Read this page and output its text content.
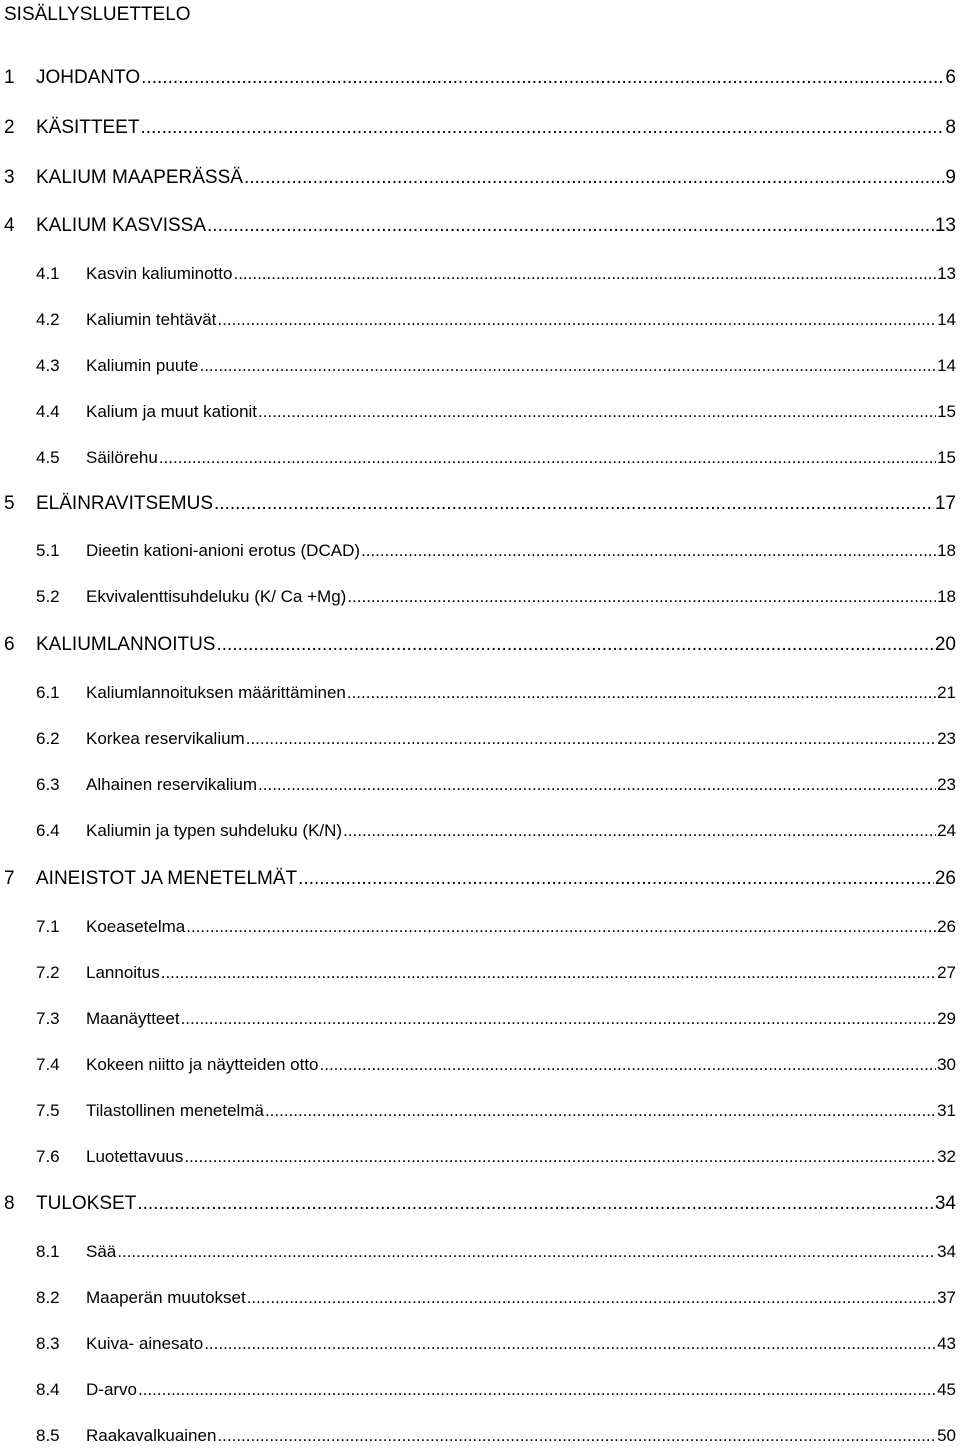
SISÄLLYSLUETTELO
1	JOHDANTO .....	6
2	KÄSITTEET .....	8
3	KALIUM MAAPERÄSSÄ .....	9
4	KALIUM KASVISSA .....	13
4.1	Kasvin kaliuminotto .....	13
4.2	Kaliumin tehtävät .....	14
4.3	Kaliumin puute .....	14
4.4	Kalium ja muut kationit .....	15
4.5	Säilörehu .....	15
5	ELÄINRAVITSEMUS .....	17
5.1	Dieetin kationi-anioni erotus (DCAD) .....	18
5.2	Ekvivalenttisuhdeluku (K/ Ca +Mg) .....	18
6	KALIUMLANNOITUS .....	20
6.1	Kaliumlannoituksen määrittäminen .....	21
6.2	Korkea reservikalium .....	23
6.3	Alhainen reservikalium .....	23
6.4	Kaliumin ja typen suhdeluku (K/N) .....	24
7	AINEISTOT JA MENETELMÄT .....	26
7.1	Koeasetelma .....	26
7.2	Lannoitus .....	27
7.3	Maanäytteet .....	29
7.4	Kokeen niitto ja näytteiden otto .....	30
7.5	Tilastollinen menetelmä .....	31
7.6	Luotettavuus .....	32
8	TULOKSET .....	34
8.1	Sää .....	34
8.2	Maaperän muutokset .....	37
8.3	Kuiva- ainesato .....	43
8.4	D-arvo .....	45
8.5	Raakavalkuainen .....	50
